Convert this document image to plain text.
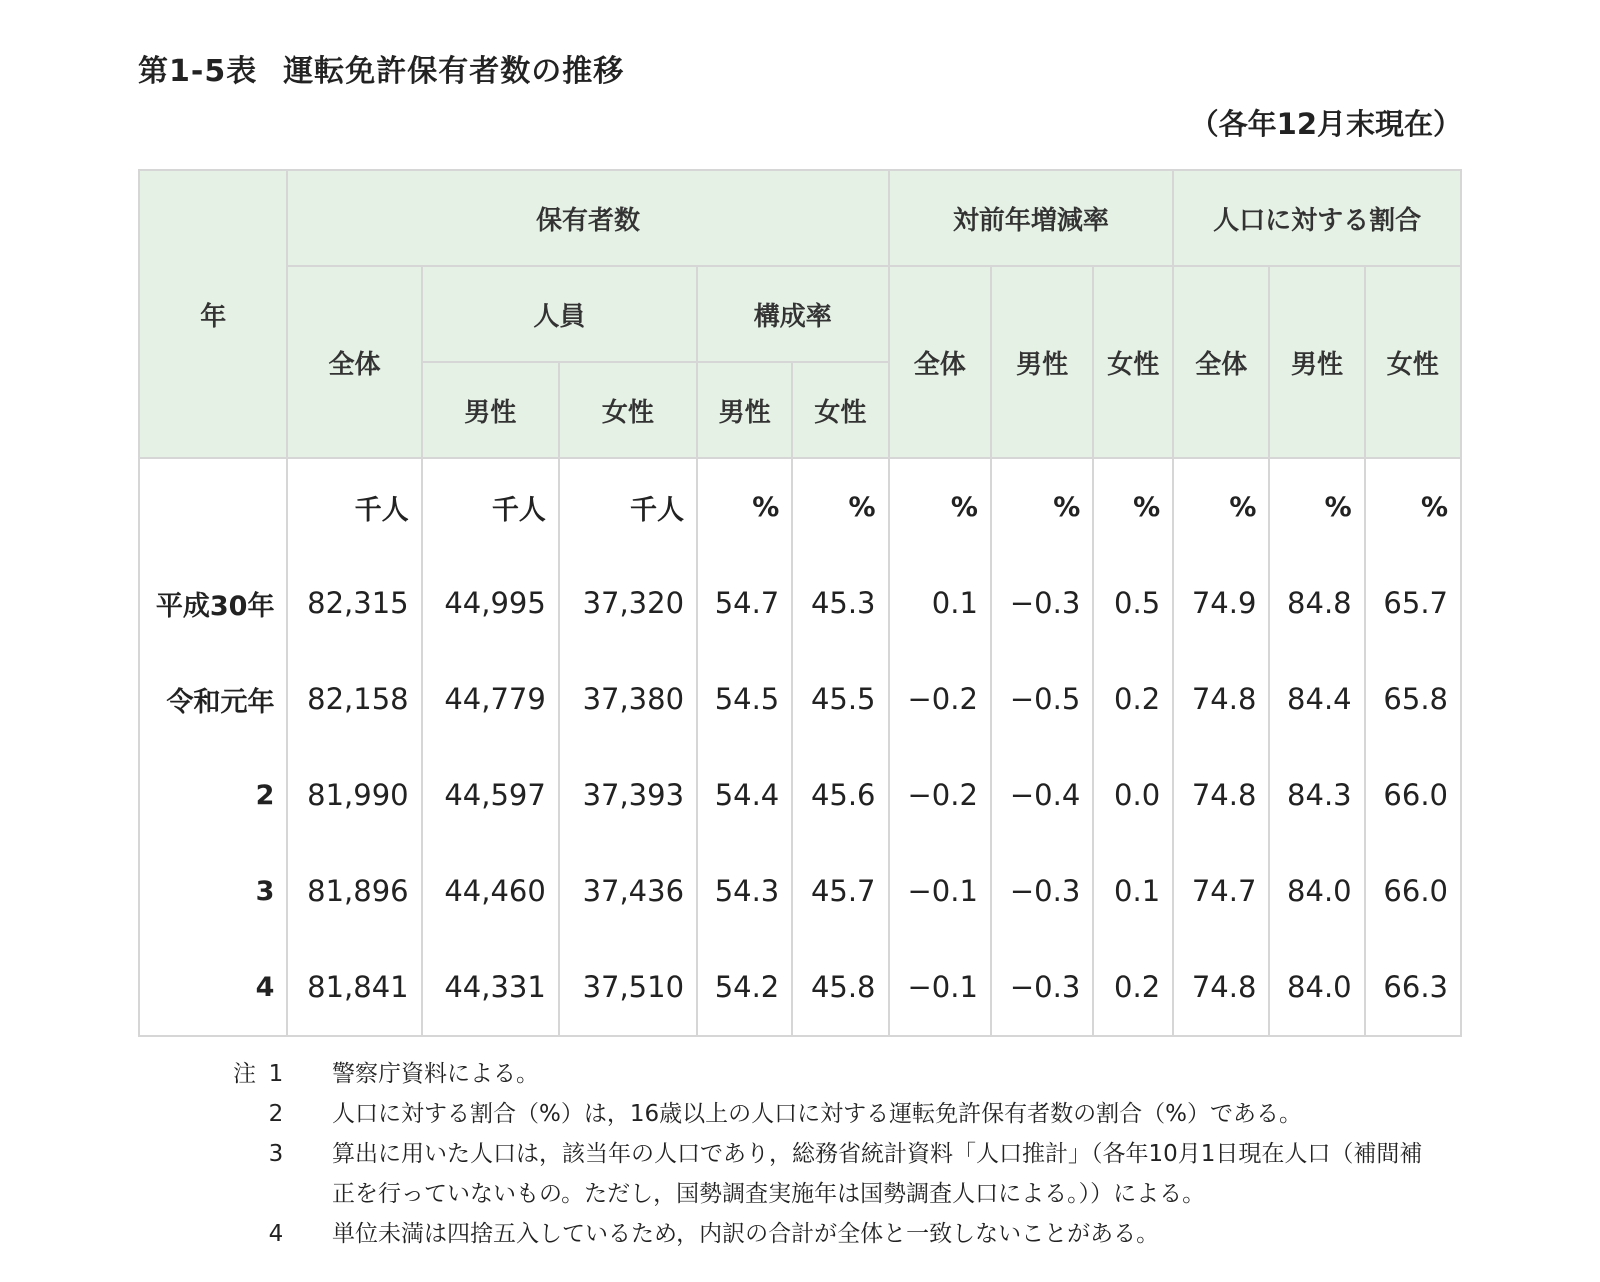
第1-5表 運転免許保有者数の推移
（各年12月末現在）
年	保有者数					対前年増減率			人口に対する割合		
	全体	人員		構成率		全体	男性	女性	全体	男性	女性
		男性	女性	男性	女性						
	千人	千人	千人	%	%	%	%	%	%	%	%
平成30年	82,315	44,995	37,320	54.7	45.3	0.1	−0.3	0.5	74.9	84.8	65.7
令和元年	82,158	44,779	37,380	54.5	45.5	−0.2	−0.5	0.2	74.8	84.4	65.8
2	81,990	44,597	37,393	54.4	45.6	−0.2	−0.4	0.0	74.8	84.3	66.0
3	81,896	44,460	37,436	54.3	45.7	−0.1	−0.3	0.1	74.7	84.0	66.0
4	81,841	44,331	37,510	54.2	45.8	−0.1	−0.3	0.2	74.8	84.0	66.3
注 1	警察庁資料による。
2	人口に対する割合（%）は，16歳以上の人口に対する運転免許保有者数の割合（%）である。
3	算出に用いた人口は，該当年の人口であり，総務省統計資料「人口推計」（各年10月1日現在人口（補間補正を行っていないもの。ただし，国勢調査実施年は国勢調査人口による。））による。
4	単位未満は四捨五入しているため，内訳の合計が全体と一致しないことがある。
